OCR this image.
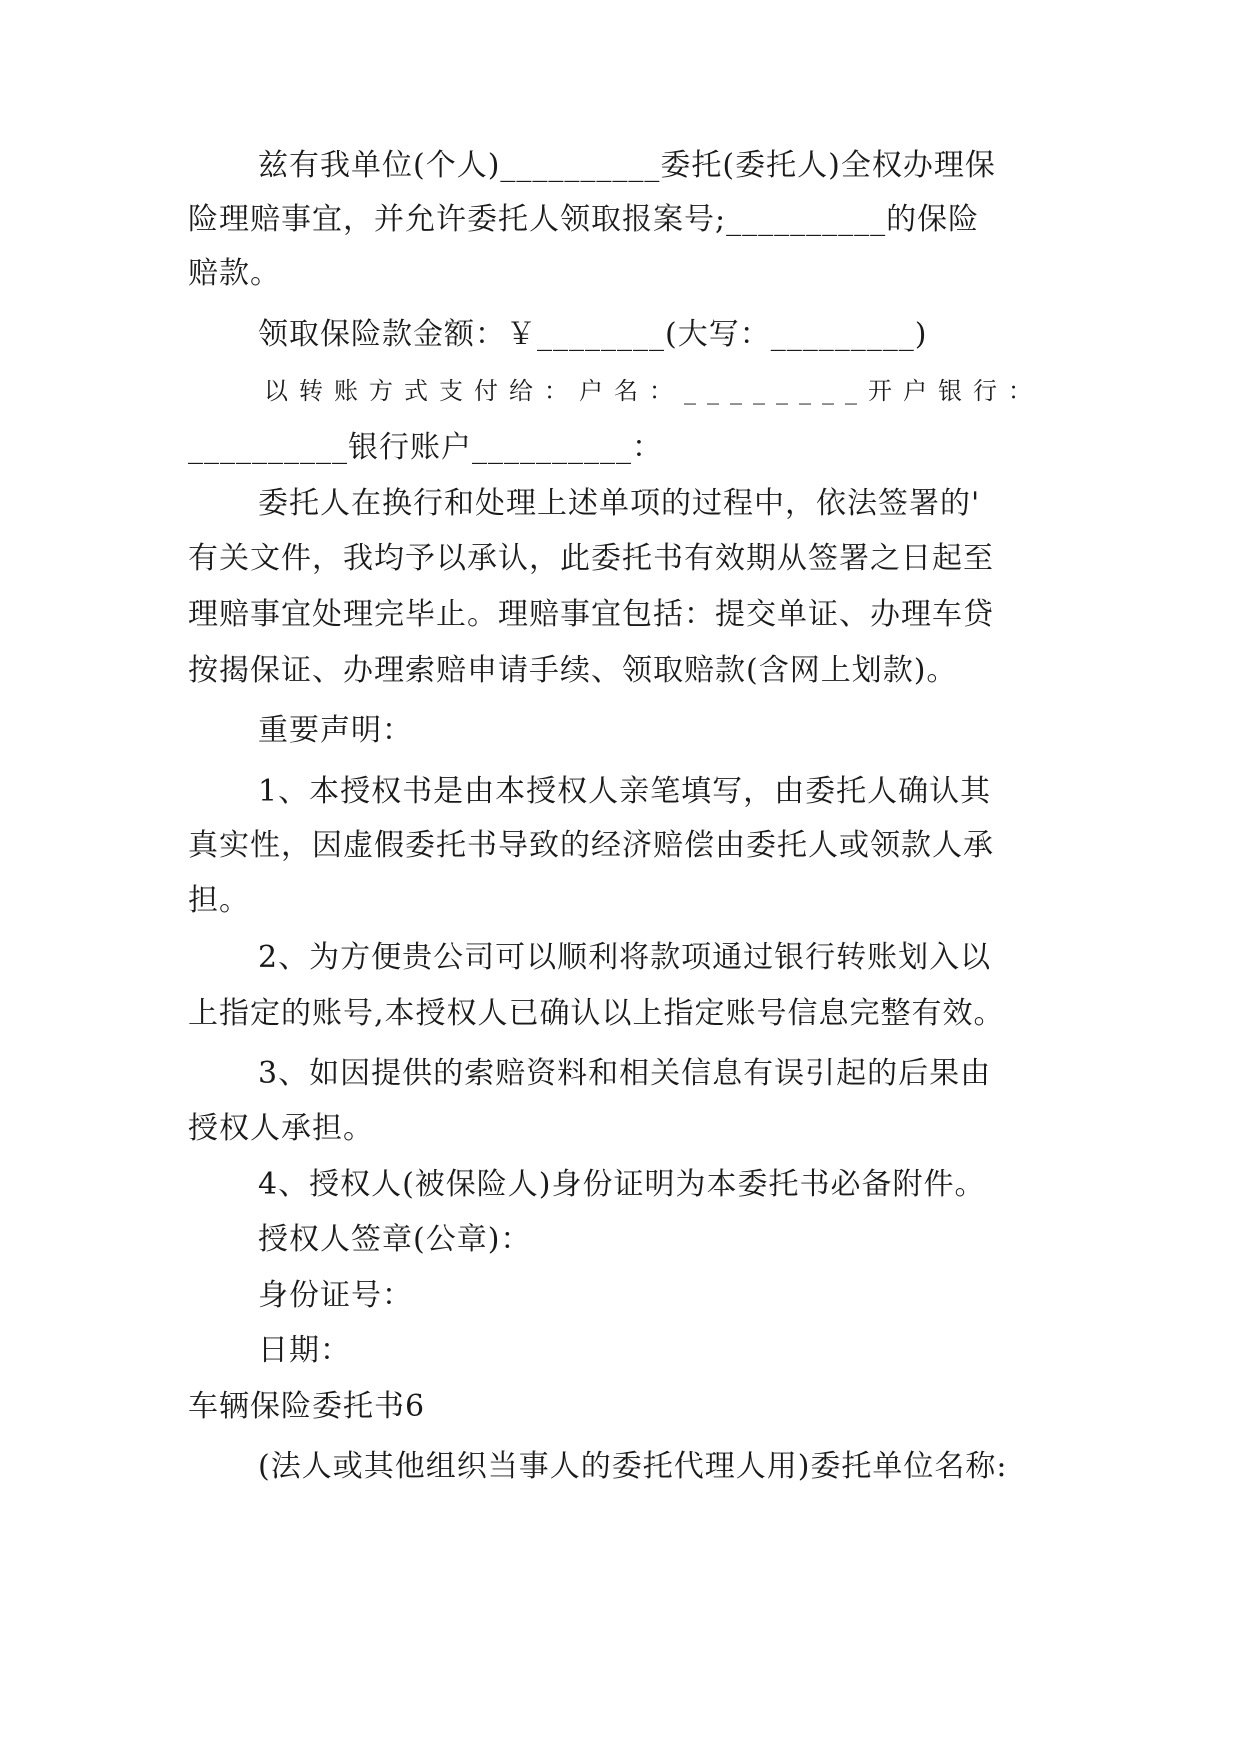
兹有我单位(个人)__________委托(委托人)全权办理保
险理赔事宜，并允许委托人领取报案号;__________的保险
赔款。
领取保险款金额：￥________(大写：_________)
以转账方式支付给：户名：________开户银行：
__________银行账户__________：
委托人在换行和处理上述单项的过程中，依法签署的'
有关文件，我均予以承认，此委托书有效期从签署之日起至
理赔事宜处理完毕止。理赔事宜包括：提交单证、办理车贷
按揭保证、办理索赔申请手续、领取赔款(含网上划款)。
重要声明：
1、本授权书是由本授权人亲笔填写，由委托人确认其
真实性，因虚假委托书导致的经济赔偿由委托人或领款人承
担。
2、为方便贵公司可以顺利将款项通过银行转账划入以
上指定的账号,本授权人已确认以上指定账号信息完整有效。
3、如因提供的索赔资料和相关信息有误引起的后果由
授权人承担。
4、授权人(被保险人)身份证明为本委托书必备附件。
授权人签章(公章)：
身份证号：
日期：
车辆保险委托书6
(法人或其他组织当事人的委托代理人用)委托单位名称:
